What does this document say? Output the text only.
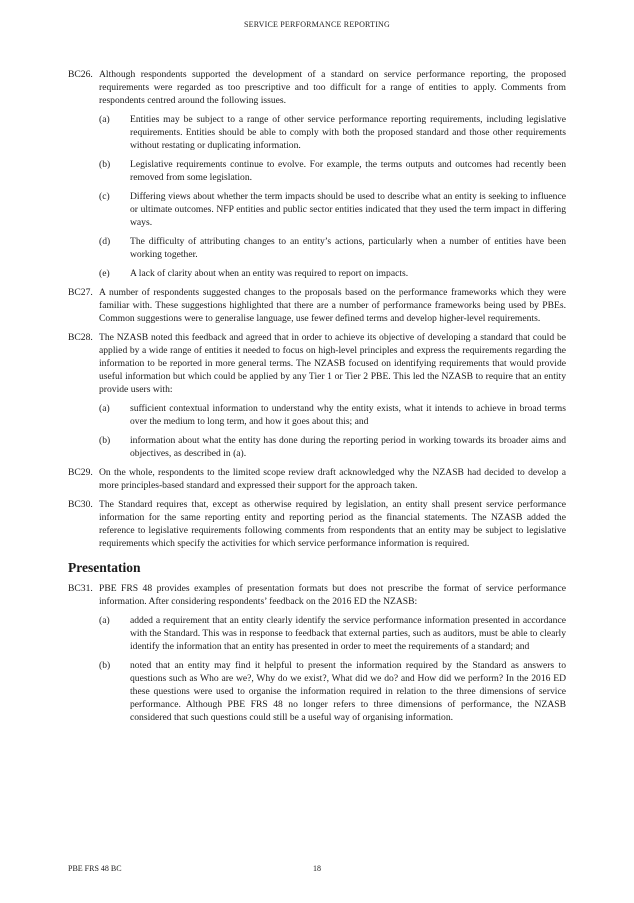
SERVICE PERFORMANCE REPORTING
BC26. Although respondents supported the development of a standard on service performance reporting, the proposed requirements were regarded as too prescriptive and too difficult for a range of entities to apply. Comments from respondents centred around the following issues.
(a) Entities may be subject to a range of other service performance reporting requirements, including legislative requirements. Entities should be able to comply with both the proposed standard and those other requirements without restating or duplicating information.
(b) Legislative requirements continue to evolve. For example, the terms outputs and outcomes had recently been removed from some legislation.
(c) Differing views about whether the term impacts should be used to describe what an entity is seeking to influence or ultimate outcomes. NFP entities and public sector entities indicated that they used the term impact in differing ways.
(d) The difficulty of attributing changes to an entity’s actions, particularly when a number of entities have been working together.
(e) A lack of clarity about when an entity was required to report on impacts.
BC27. A number of respondents suggested changes to the proposals based on the performance frameworks which they were familiar with. These suggestions highlighted that there are a number of performance frameworks being used by PBEs. Common suggestions were to generalise language, use fewer defined terms and develop higher-level requirements.
BC28. The NZASB noted this feedback and agreed that in order to achieve its objective of developing a standard that could be applied by a wide range of entities it needed to focus on high-level principles and express the requirements regarding the information to be reported in more general terms. The NZASB focused on identifying requirements that would provide useful information but which could be applied by any Tier 1 or Tier 2 PBE. This led the NZASB to require that an entity provide users with:
(a) sufficient contextual information to understand why the entity exists, what it intends to achieve in broad terms over the medium to long term, and how it goes about this; and
(b) information about what the entity has done during the reporting period in working towards its broader aims and objectives, as described in (a).
BC29. On the whole, respondents to the limited scope review draft acknowledged why the NZASB had decided to develop a more principles-based standard and expressed their support for the approach taken.
BC30. The Standard requires that, except as otherwise required by legislation, an entity shall present service performance information for the same reporting entity and reporting period as the financial statements. The NZASB added the reference to legislative requirements following comments from respondents that an entity may be subject to legislative requirements which specify the activities for which service performance information is required.
Presentation
BC31. PBE FRS 48 provides examples of presentation formats but does not prescribe the format of service performance information. After considering respondents’ feedback on the 2016 ED the NZASB:
(a) added a requirement that an entity clearly identify the service performance information presented in accordance with the Standard. This was in response to feedback that external parties, such as auditors, must be able to clearly identify the information that an entity has presented in order to meet the requirements of a standard; and
(b) noted that an entity may find it helpful to present the information required by the Standard as answers to questions such as Who are we?, Why do we exist?, What did we do? and How did we perform? In the 2016 ED these questions were used to organise the information required in relation to the three dimensions of service performance. Although PBE FRS 48 no longer refers to three dimensions of performance, the NZASB considered that such questions could still be a useful way of organising information.
PBE FRS 48 BC	18
